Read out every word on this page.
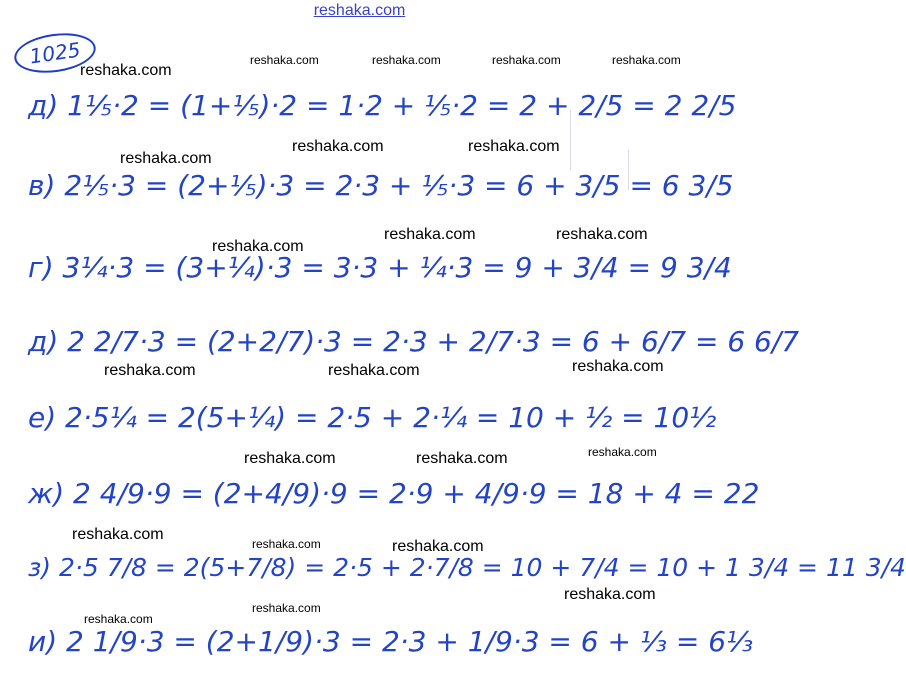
reshaka.com
1025
д) 1⅕·2 = (1+⅕)·2 = 1·2 + ⅕·2 = 2 + 2/5 = 2 2/5
в) 2⅕·3 = (2+⅕)·3 = 2·3 + ⅕·3 = 6 + 3/5 = 6 3/5
г) 3¼·3 = (3+¼)·3 = 3·3 + ¼·3 = 9 + 3/4 = 9 3/4
д) 2 2/7·3 = (2+2/7)·3 = 2·3 + 2/7·3 = 6 + 6/7 = 6 6/7
е) 2·5¼ = 2(5+¼) = 2·5 + 2·¼ = 10 + ½ = 10½
ж) 2 4/9·9 = (2+4/9)·9 = 2·9 + 4/9·9 = 18 + 4 = 22
з) 2·5 7/8 = 2(5+7/8) = 2·5 + 2·7/8 = 10 + 7/4 = 10 + 1 3/4 = 11 3/4
и) 2 1/9·3 = (2+1/9)·3 = 2·3 + 1/9·3 = 6 + ⅓ = 6⅓
reshaka.com
reshaka.com	reshaka.com	reshaka.com	reshaka.com
reshaka.com
reshaka.com	reshaka.com
reshaka.com
reshaka.com	reshaka.com
reshaka.com	reshaka.com	reshaka.com
reshaka.com	reshaka.com	reshaka.com
reshaka.com
reshaka.com	reshaka.com
reshaka.com
reshaka.com
reshaka.com
